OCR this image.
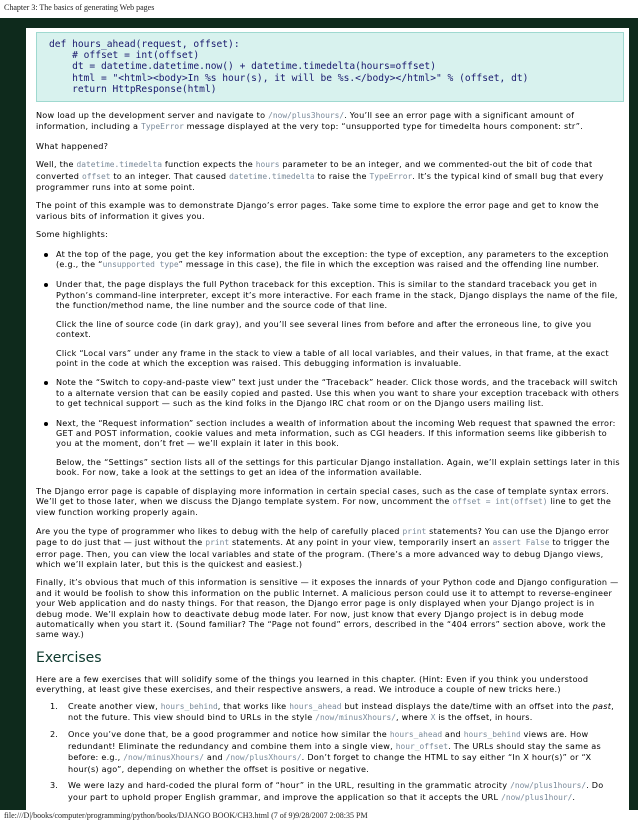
Chapter 3: The basics of generating Web pages
def hours_ahead(request, offset):
# offset = int(offset)
dt = datetime.datetime.now() + datetime.timedelta(hours=offset)
html = "<html><body>In %s hour(s), it will be %s.</body></html>" % (offset, dt)
return HttpResponse(html)

Now load up the development server and navigate to /now/plus3hours/. You’ll see an error page with a significant amount of information, including a TypeError message displayed at the very top: “unsupported type for timedelta hours component: str”.

What happened?

Well, the datetime.timedelta function expects the hours parameter to be an integer, and we commented-out the bit of code that converted offset to an integer. That caused datetime.timedelta to raise the TypeError. It’s the typical kind of small bug that every programmer runs into at some point.

The point of this example was to demonstrate Django’s error pages. Take some time to explore the error page and get to know the various bits of information it gives you.

Some highlights:

At the top of the page, you get the key information about the exception: the type of exception, any parameters to the exception (e.g., the “unsupported type” message in this case), the file in which the exception was raised and the offending line number.

Under that, the page displays the full Python traceback for this exception. This is similar to the standard traceback you get in Python’s command-line interpreter, except it’s more interactive. For each frame in the stack, Django displays the name of the file, the function/method name, the line number and the source code of that line.

Click the line of source code (in dark gray), and you’ll see several lines from before and after the erroneous line, to give you context.

Click “Local vars” under any frame in the stack to view a table of all local variables, and their values, in that frame, at the exact point in the code at which the exception was raised. This debugging information is invaluable.

Note the “Switch to copy-and-paste view” text just under the “Traceback” header. Click those words, and the traceback will switch to a alternate version that can be easily copied and pasted. Use this when you want to share your exception traceback with others to get technical support — such as the kind folks in the Django IRC chat room or on the Django users mailing list.

Next, the “Request information” section includes a wealth of information about the incoming Web request that spawned the error: GET and POST information, cookie values and meta information, such as CGI headers. If this information seems like gibberish to you at the moment, don’t fret — we’ll explain it later in this book.

Below, the “Settings” section lists all of the settings for this particular Django installation. Again, we’ll explain settings later in this book. For now, take a look at the settings to get an idea of the information available.

The Django error page is capable of displaying more information in certain special cases, such as the case of template syntax errors. We’ll get to those later, when we discuss the Django template system. For now, uncomment the offset = int(offset) line to get the view function working properly again.

Are you the type of programmer who likes to debug with the help of carefully placed print statements? You can use the Django error page to do just that — just without the print statements. At any point in your view, temporarily insert an assert False to trigger the error page. Then, you can view the local variables and state of the program. (There’s a more advanced way to debug Django views, which we’ll explain later, but this is the quickest and easiest.)

Finally, it’s obvious that much of this information is sensitive — it exposes the innards of your Python code and Django configuration — and it would be foolish to show this information on the public Internet. A malicious person could use it to attempt to reverse-engineer your Web application and do nasty things. For that reason, the Django error page is only displayed when your Django project is in debug mode. We’ll explain how to deactivate debug mode later. For now, just know that every Django project is in debug mode automatically when you start it. (Sound familiar? The “Page not found” errors, described in the “404 errors” section above, work the same way.)

Exercises

Here are a few exercises that will solidify some of the things you learned in this chapter. (Hint: Even if you think you understood everything, at least give these exercises, and their respective answers, a read. We introduce a couple of new tricks here.)

1. Create another view, hours_behind, that works like hours_ahead but instead displays the date/time with an offset into the past, not the future. This view should bind to URLs in the style /now/minusXhours/, where X is the offset, in hours.

2. Once you’ve done that, be a good programmer and notice how similar the hours_ahead and hours_behind views are. How redundant! Eliminate the redundancy and combine them into a single view, hour_offset. The URLs should stay the same as before: e.g., /now/minusXhours/ and /now/plusXhours/. Don’t forget to change the HTML to say either “In X hour(s)” or “X hour(s) ago”, depending on whether the offset is positive or negative.

3. We were lazy and hard-coded the plural form of “hour” in the URL, resulting in the grammatic atrocity /now/plus1hours/. Do your part to uphold proper English grammar, and improve the application so that it accepts the URL /now/plus1hour/.

file:///D|/books/computer/programming/python/books/DJANGO BOOK/CH3.html (7 of 9)9/28/2007 2:08:35 PM
